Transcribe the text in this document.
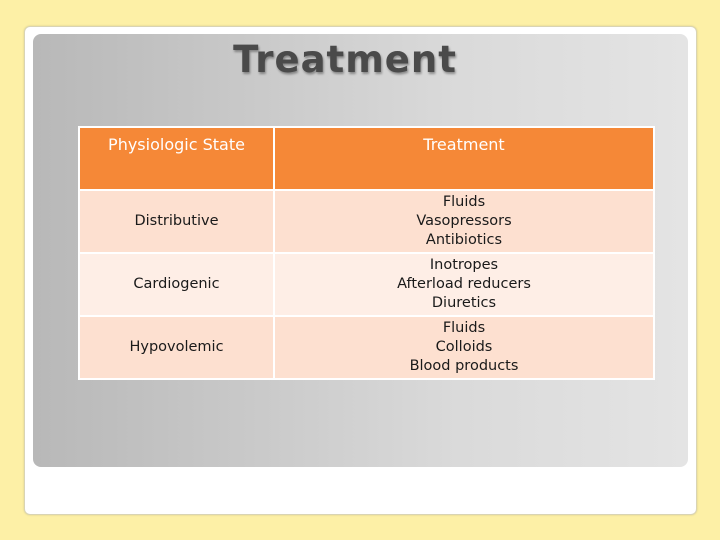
Treatment
Physiologic State	Treatment
Distributive	Fluids
Vasopressors
Antibiotics

Cardiogenic	Inotropes
Afterload reducers
Diuretics

Hypovolemic	Fluids
Colloids
Blood products
